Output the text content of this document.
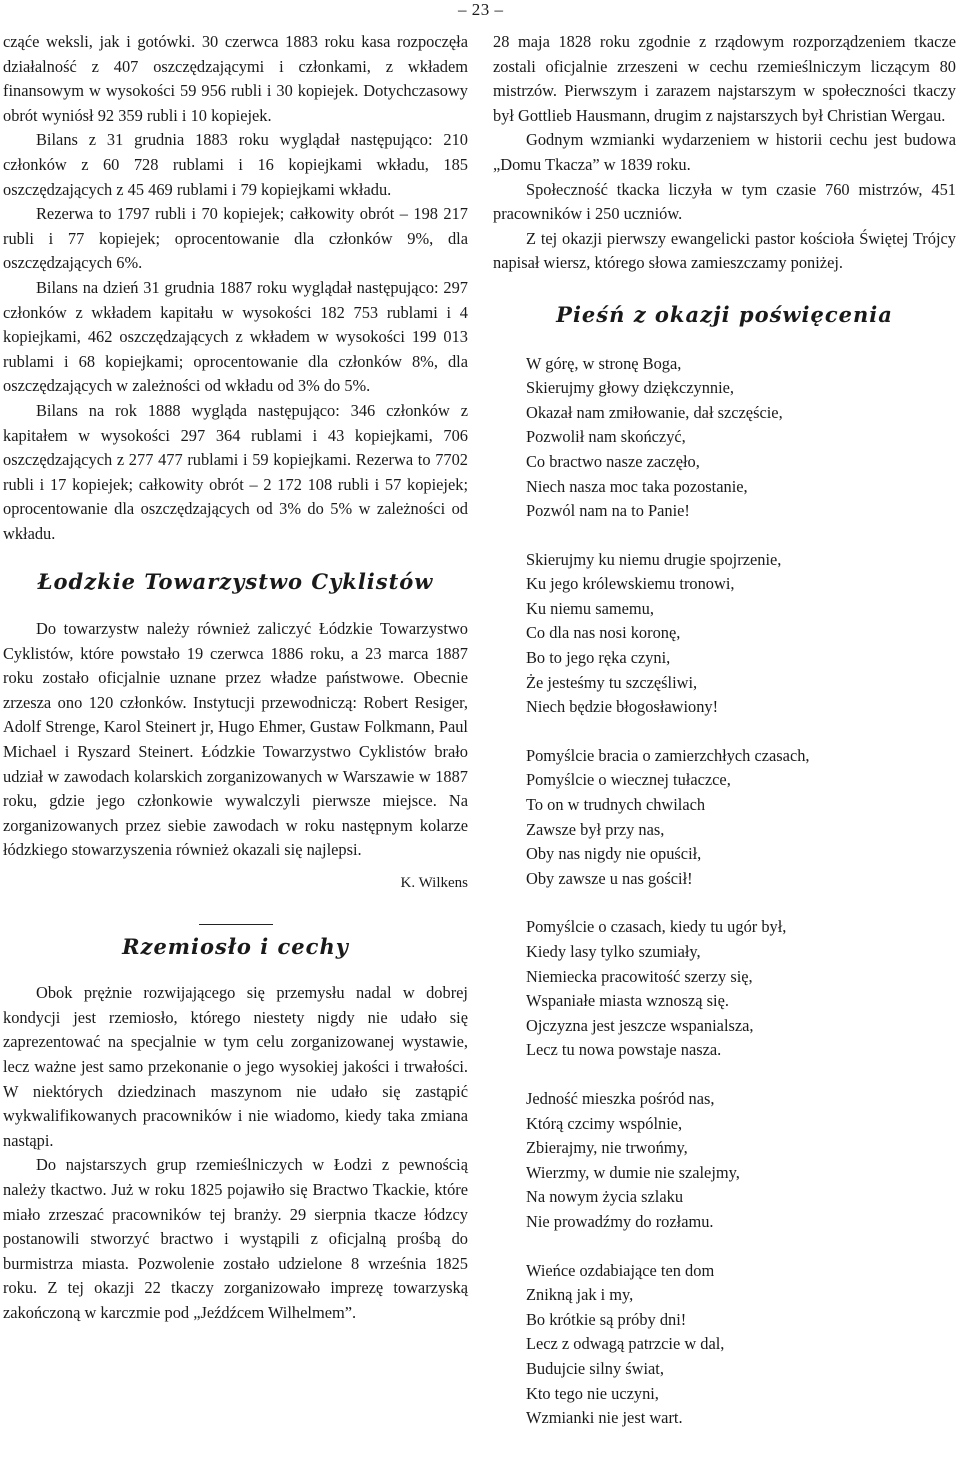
– 23 –

cząće weksli, jak i gotówki. 30 czerwca 1883 roku kasa rozpoczęła działalność z 407 oszczędzającymi i członkami, z wkładem finansowym w wysokości 59 956 rubli i 30 kopiejek. Dotychczasowy obrót wyniósł 92 359 rubli i 10 kopiejek.

Bilans z 31 grudnia 1883 roku wyglądał następująco: 210 członków z 60 728 rublami i 16 kopiejkami wkładu, 185 oszczędzających z 45 469 rublami i 79 kopiejkami wkładu.

Rezerwa to 1797 rubli i 70 kopiejek; całkowity obrót – 198 217 rubli i 77 kopiejek; oprocentowanie dla członków 9%, dla oszczędzających 6%.

Bilans na dzień 31 grudnia 1887 roku wyglądał następująco: 297 członków z wkładem kapitału w wysokości 182 753 rublami i 4 kopiejkami, 462 oszczędzających z wkładem w wysokości 199 013 rublami i 68 kopiejkami; oprocentowanie dla członków 8%, dla oszczędzających w zależności od wkładu od 3% do 5%.

Bilans na rok 1888 wygląda następująco: 346 członków z kapitałem w wysokości 297 364 rublami i 43 kopiejkami, 706 oszczędzających z 277 477 rublami i 59 kopiejkami. Rezerwa to 7702 rubli i 17 kopiejek; całkowity obrót – 2 172 108 rubli i 57 kopiejek; oprocentowanie dla oszczędzających od 3% do 5% w zależności od wkładu.

Łodzkie Towarzystwo Cyklistów

Do towarzystw należy również zaliczyć Łódzkie Towarzystwo Cyklistów, które powstało 19 czerwca 1886 roku, a 23 marca 1887 roku zostało oficjalnie uznane przez władze państwowe. Obecnie zrzesza ono 120 członków. Instytucji przewodniczą: Robert Resiger, Adolf Strenge, Karol Steinert jr, Hugo Ehmer, Gustaw Folkmann, Paul Michael i Ryszard Steinert. Łódzkie Towarzystwo Cyklistów brało udział w zawodach kolarskich zorganizowanych w Warszawie w 1887 roku, gdzie jego członkowie wywalczyli pierwsze miejsce. Na zorganizowanych przez siebie zawodach w roku następnym kolarze łódzkiego stowarzyszenia również okazali się najlepsi.

K. Wilkens
Rzemiosło i cechy

Obok prężnie rozwijającego się przemysłu nadal w dobrej kondycji jest rzemiosło, którego niestety nigdy nie udało się zaprezentować na specjalnie w tym celu zorganizowanej wystawie, lecz ważne jest samo przekonanie o jego wysokiej jakości i trwałości. W niektórych dziedzinach maszynom nie udało się zastąpić wykwalifikowanych pracowników i nie wiadomo, kiedy taka zmiana nastąpi.

Do najstarszych grup rzemieślniczych w Łodzi z pewnością należy tkactwo. Już w roku 1825 pojawiło się Bractwo Tkackie, które miało zrzeszać pracowników tej branży. 29 sierpnia tkacze łódzcy postanowili stworzyć bractwo i wystąpili z oficjalną prośbą do burmistrza miasta. Pozwolenie zostało udzielone 8 września 1825 roku. Z tej okazji 22 tkaczy zorganizowało imprezę towarzyską zakończoną w karczmie pod „Jeźdźcem Wilhelmem”.

28 maja 1828 roku zgodnie z rządowym rozporządzeniem tkacze zostali oficjalnie zrzeszeni w cechu rzemieślniczym liczącym 80 mistrzów. Pierwszym i zarazem najstarszym w społeczności tkaczy był Gottlieb Hausmann, drugim z najstarszych był Christian Wergau.

Godnym wzmianki wydarzeniem w historii cechu jest budowa „Domu Tkacza” w 1839 roku.

Społeczność tkacka liczyła w tym czasie 760 mistrzów, 451 pracowników i 250 uczniów.

Z tej okazji pierwszy ewangelicki pastor kościoła Świętej Trójcy napisał wiersz, którego słowa zamieszczamy poniżej.

Pieśń z okazji poświęcenia
W górę, w stronę Boga,
Skierujmy głowy dziękczynnie,
Okazał nam zmiłowanie, dał szczęście,
Pozwolił nam skończyć,
Co bractwo nasze zaczęło,
Niech nasza moc taka pozostanie,
Pozwól nam na to Panie!
Skierujmy ku niemu drugie spojrzenie,
Ku jego królewskiemu tronowi,
Ku niemu samemu,
Co dla nas nosi koronę,
Bo to jego ręka czyni,
Że jesteśmy tu szczęśliwi,
Niech będzie błogosławiony!
Pomyślcie bracia o zamierzchłych czasach,
Pomyślcie o wiecznej tułaczce,
To on w trudnych chwilach
Zawsze był przy nas,
Oby nas nigdy nie opuścił,
Oby zawsze u nas gościł!
Pomyślcie o czasach, kiedy tu ugór był,
Kiedy lasy tylko szumiały,
Niemiecka pracowitość szerzy się,
Wspaniałe miasta wznoszą się.
Ojczyzna jest jeszcze wspanialsza,
Lecz tu nowa powstaje nasza.
Jedność mieszka pośród nas,
Którą czcimy wspólnie,
Zbierajmy, nie trwońmy,
Wierzmy, w dumie nie szalejmy,
Na nowym życia szlaku
Nie prowadźmy do rozłamu.
Wieńce ozdabiające ten dom
Znikną jak i my,
Bo krótkie są próby dni!
Lecz z odwagą patrzcie w dal,
Budujcie silny świat,
Kto tego nie uczyni,
Wzmianki nie jest wart.
